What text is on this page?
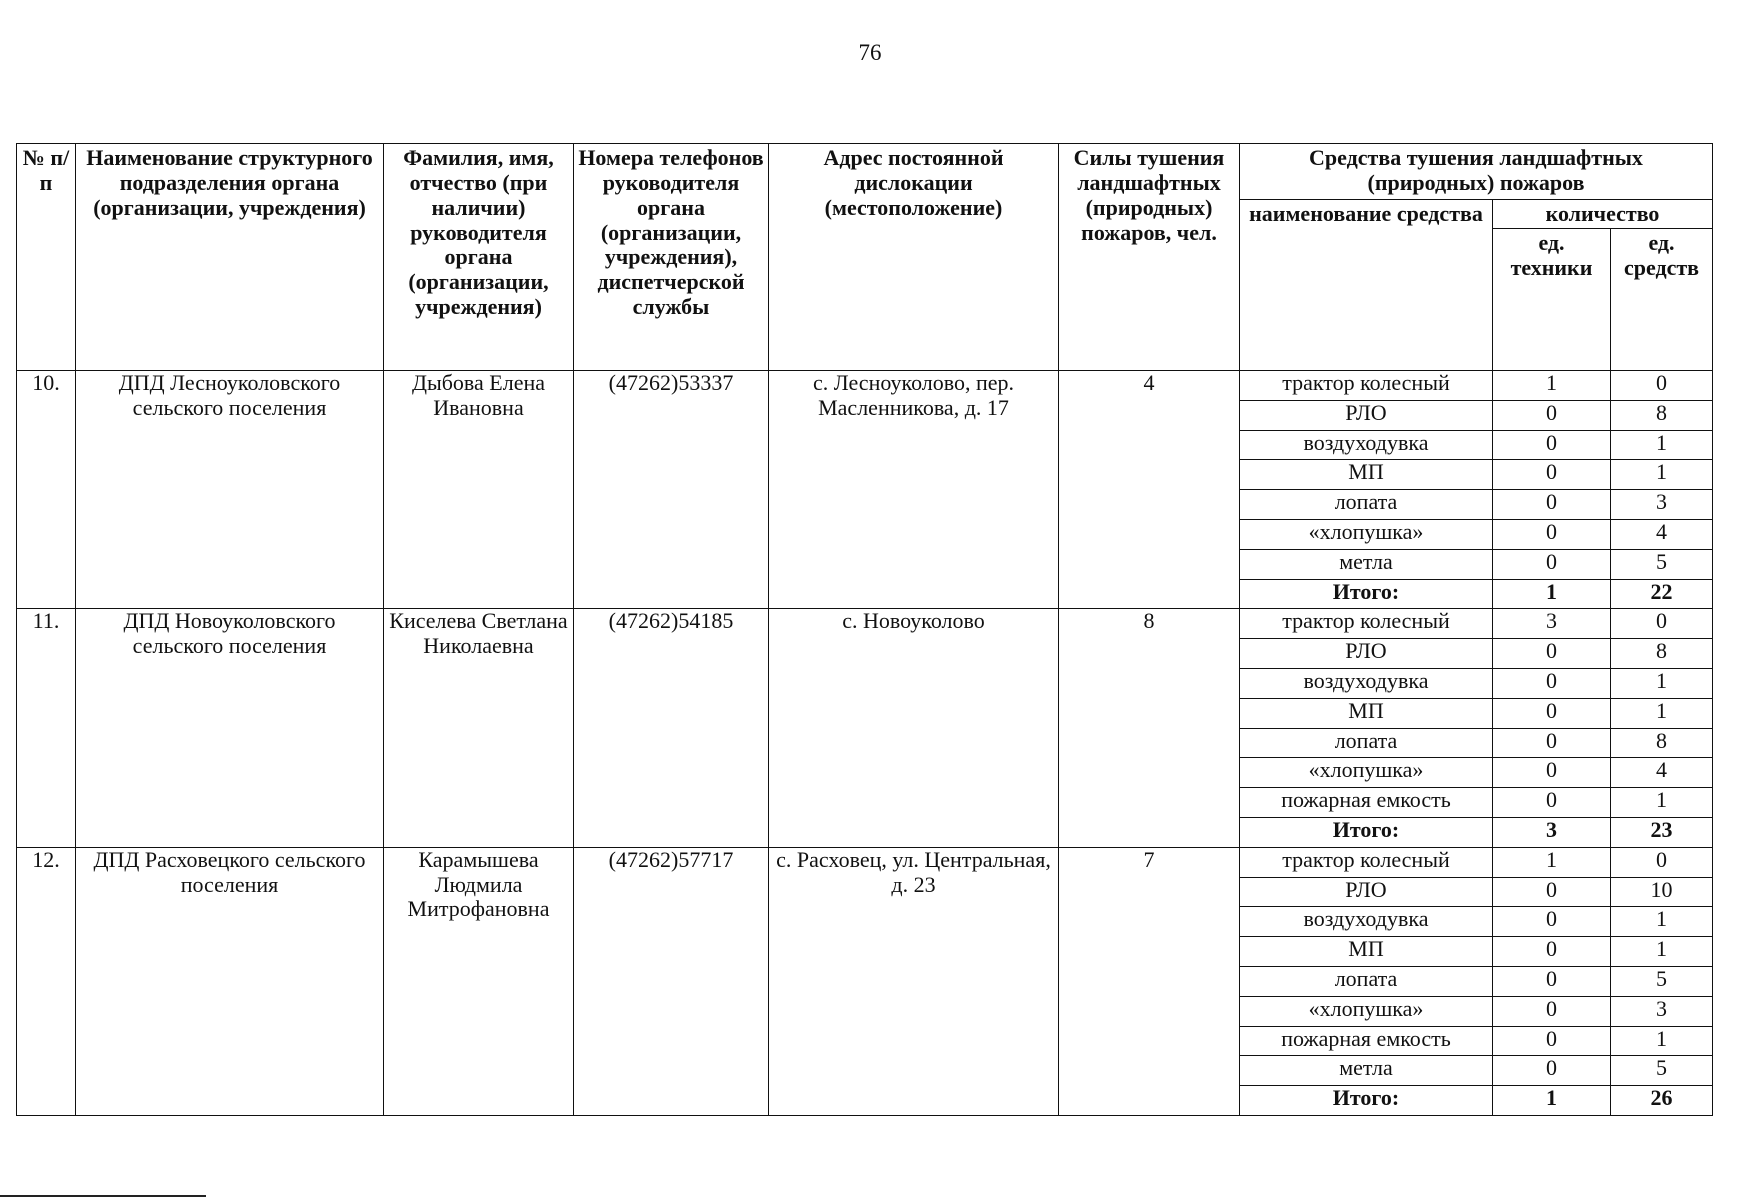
76
№ п/п	Наименование структурного подразделения органа (организации, учреждения)	Фамилия, имя, отчество (при наличии) руководителя органа (организации, учреждения)	Номера телефонов руководителя органа (организации, учреждения), диспетчерской службы	Адрес постоянной дислокации (местоположение)	Силы тушения ландшафтных (природных) пожаров, чел.	Средства тушения ландшафтных (природных) пожаров		
						наименование средства	количество	
							ед. техники	ед. средств

10.	ДПД Лесноуколовского сельского поселения	Дыбова Елена Ивановна	(47262)53337	с. Лесноуколово, пер. Масленникова, д. 17	4	трактор колесный	1	0
						РЛО	0	8
						воздуходувка	0	1
						МП	0	1
						лопата	0	3
						«хлопушка»	0	4
						метла	0	5
						Итого:	1	22

11.	ДПД Новоуколовского сельского поселения	Киселева Светлана Николаевна	(47262)54185	с. Новоуколово	8	трактор колесный	3	0
						РЛО	0	8
						воздуходувка	0	1
						МП	0	1
						лопата	0	8
						«хлопушка»	0	4
						пожарная емкость	0	1
						Итого:	3	23

12.	ДПД Расховецкого сельского поселения	Карамышева Людмила Митрофановна	(47262)57717	с. Расховец, ул. Центральная, д. 23	7	трактор колесный	1	0
						РЛО	0	10
						воздуходувка	0	1
						МП	0	1
						лопата	0	5
						«хлопушка»	0	3
						пожарная емкость	0	1
						метла	0	5
						Итого:	1	26
